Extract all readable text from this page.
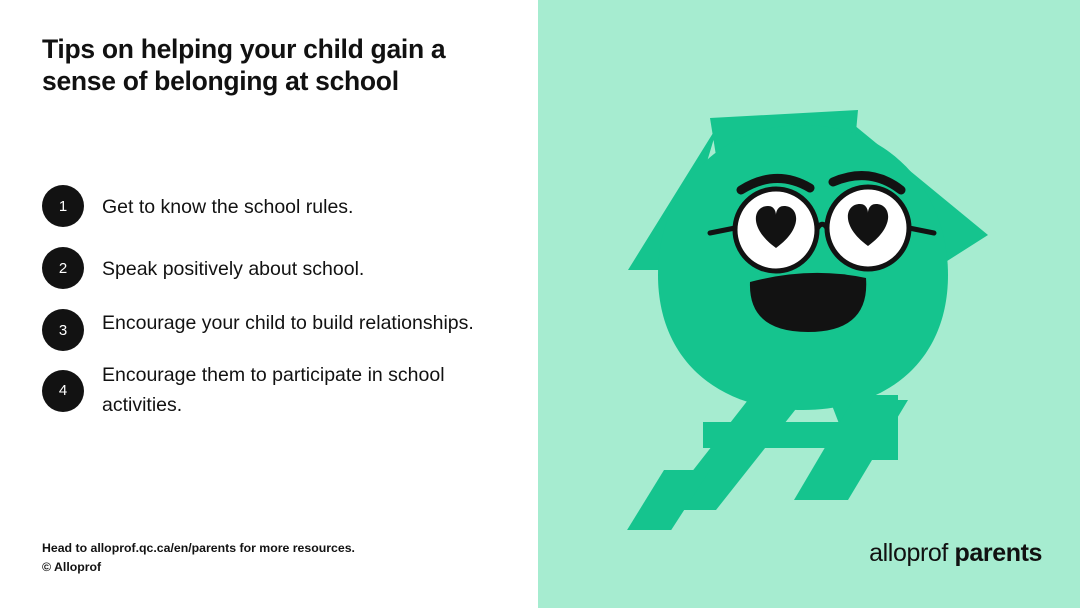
Tips on helping your child gain a sense of belonging at school
1	Get to know the school rules.
2	Speak positively about school.
3	Encourage your child to build relationships.
4
Encourage them to participate in school activities.
Head to alloprof.qc.ca/en/parents for more resources.
© Alloprof	alloprof parents
